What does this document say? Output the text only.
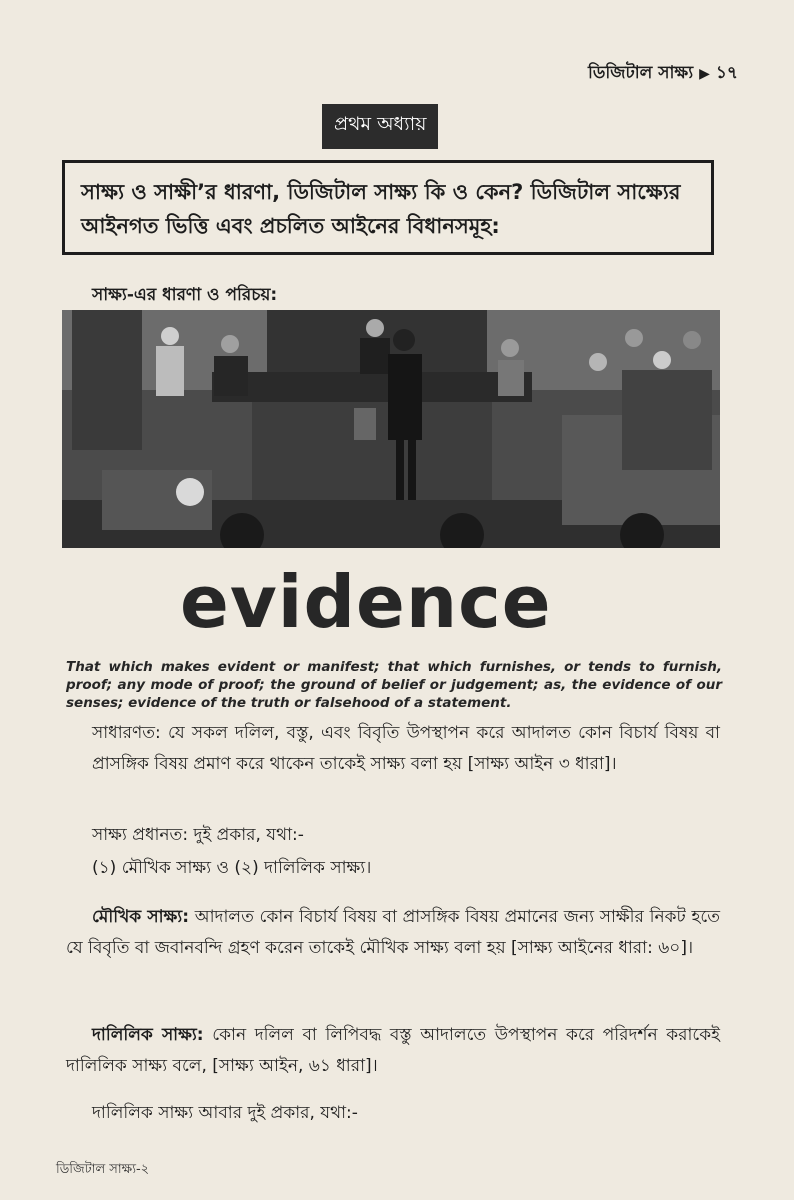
ডিজিটাল সাক্ষ্য ▶ ১৭
প্রথম অধ্যায়
সাক্ষ্য ও সাক্ষী’র ধারণা, ডিজিটাল সাক্ষ্য কি ও কেন? ডিজিটাল সাক্ষ্যের আইনগত ভিত্তি এবং প্রচলিত আইনের বিধানসমূহ:
সাক্ষ্য-এর ধারণা ও পরিচয়:
evidence
That which makes evident or manifest; that which furnishes, or tends to furnish, proof; any mode of proof; the ground of belief or judgement; as, the evidence of our senses; evidence of the truth or falsehood of a statement.

সাধারণত: যে সকল দলিল, বস্তু, এবং বিবৃতি উপস্থাপন করে আদালত কোন বিচার্য বিষয় বা প্রাসঙ্গিক বিষয় প্রমাণ করে থাকেন তাকেই সাক্ষ্য বলা হয় [সাক্ষ্য আইন ৩ ধারা]।

সাক্ষ্য প্রধানত: দুই প্রকার, যথা:-

(১) মৌখিক সাক্ষ্য ও (২) দালিলিক সাক্ষ্য।

মৌখিক সাক্ষ্য: আদালত কোন বিচার্য বিষয় বা প্রাসঙ্গিক বিষয় প্রমানের জন্য সাক্ষীর নিকট হতে যে বিবৃতি বা জবানবন্দি গ্রহণ করেন তাকেই মৌখিক সাক্ষ্য বলা হয় [সাক্ষ্য আইনের ধারা: ৬০]।

দালিলিক সাক্ষ্য: কোন দলিল বা লিপিবদ্ধ বস্তু আদালতে উপস্থাপন করে পরিদর্শন করাকেই দালিলিক সাক্ষ্য বলে, [সাক্ষ্য আইন, ৬১ ধারা]।

দালিলিক সাক্ষ্য আবার দুই প্রকার, যথা:-

ডিজিটাল সাক্ষ্য-২
